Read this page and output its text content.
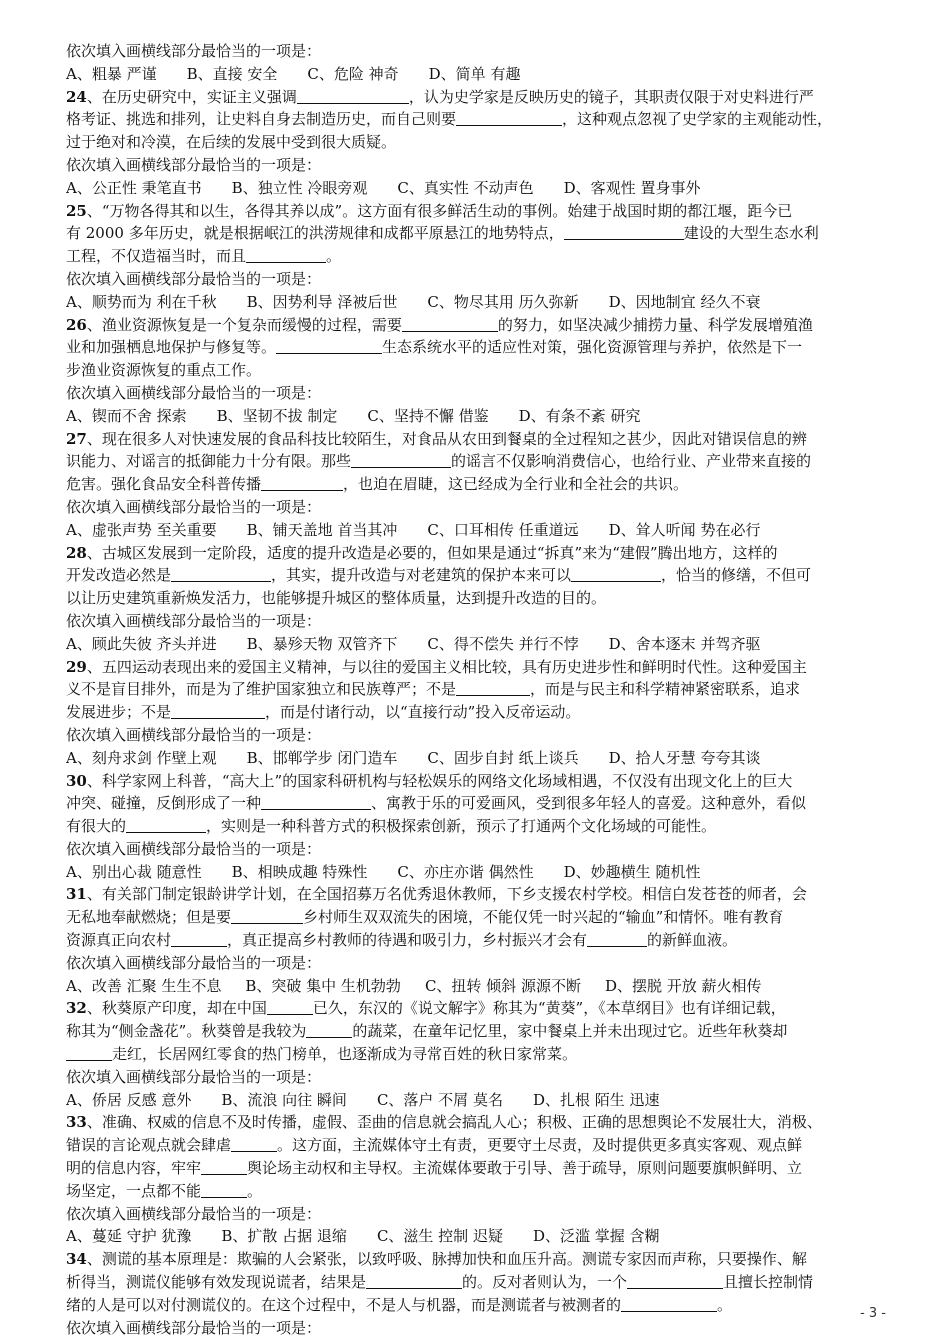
依次填入画横线部分最恰当的一项是：
A、粗暴 严谨 B、直接 安全 C、危险 神奇 D、简单 有趣
24、在历史研究中，实证主义强调	，认为史学家是反映历史的镜子，其职责仅限于对史料进行严
格考证、挑选和排列，让史料自身去制造历史，而自己则要	，这种观点忽视了史学家的主观能动性，
过于绝对和冷漠，在后续的发展中受到很大质疑。
依次填入画横线部分最恰当的一项是：
A、公正性 秉笔直书 B、独立性 冷眼旁观 C、真实性 不动声色 D、客观性 置身事外
25、“万物各得其和以生，各得其养以成”。这方面有很多鲜活生动的事例。始建于战国时期的都江堰，距今已
有 2000 多年历史，就是根据岷江的洪涝规律和成都平原悬江的地势特点，	建设的大型生态水利
工程，不仅造福当时，而且	。
依次填入画横线部分最恰当的一项是：
A、顺势而为 利在千秋 B、因势利导 泽被后世 C、物尽其用 历久弥新 D、因地制宜 经久不衰
26、渔业资源恢复是一个复杂而缓慢的过程，需要	的努力，如坚决减少捕捞力量、科学发展增殖渔
业和加强栖息地保护与修复等。	生态系统水平的适应性对策，强化资源管理与养护，依然是下一
步渔业资源恢复的重点工作。
依次填入画横线部分最恰当的一项是：
A、锲而不舍 探索 B、坚韧不拔 制定 C、坚持不懈 借鉴 D、有条不紊 研究
27、现在很多人对快速发展的食品科技比较陌生，对食品从农田到餐桌的全过程知之甚少，因此对错误信息的辨
识能力、对谣言的抵御能力十分有限。那些	的谣言不仅影响消费信心，也给行业、产业带来直接的
危害。强化食品安全科普传播	，也迫在眉睫，这已经成为全行业和全社会的共识。
依次填入画横线部分最恰当的一项是：
A、虚张声势 至关重要 B、铺天盖地 首当其冲 C、口耳相传 任重道远 D、耸人听闻 势在必行
28、古城区发展到一定阶段，适度的提升改造是必要的，但如果是通过“拆真”来为“建假”腾出地方，这样的
开发改造必然是	，其实，提升改造与对老建筑的保护本来可以	，恰当的修缮，不但可
以让历史建筑重新焕发活力，也能够提升城区的整体质量，达到提升改造的目的。
依次填入画横线部分最恰当的一项是：
A、顾此失彼 齐头并进 B、暴殄天物 双管齐下 C、得不偿失 并行不悖 D、舍本逐末 并驾齐驱
29、五四运动表现出来的爱国主义精神，与以往的爱国主义相比较，具有历史进步性和鲜明时代性。这种爱国主
义不是盲目排外，而是为了维护国家独立和民族尊严；不是	，而是与民主和科学精神紧密联系，追求
发展进步；不是	，而是付诸行动，以“直接行动”投入反帝运动。
依次填入画横线部分最恰当的一项是：
A、刻舟求剑 作壁上观 B、邯郸学步 闭门造车 C、固步自封 纸上谈兵 D、拾人牙慧 夸夸其谈
30、科学家网上科普，“高大上”的国家科研机构与轻松娱乐的网络文化场域相遇，不仅没有出现文化上的巨大
冲突、碰撞，反倒形成了一种	、寓教于乐的可爱画风，受到很多年轻人的喜爱。这种意外，看似
有很大的	，实则是一种科普方式的积极探索创新，预示了打通两个文化场域的可能性。
依次填入画横线部分最恰当的一项是：
A、别出心裁 随意性 B、相映成趣 特殊性 C、亦庄亦谐 偶然性 D、妙趣横生 随机性
31、有关部门制定银龄讲学计划，在全国招募万名优秀退休教师，下乡支援农村学校。相信白发苍苍的师者，会
无私地奉献燃烧；但是要	乡村师生双双流失的困境，不能仅凭一时兴起的“输血”和情怀。唯有教育
资源真正向农村	，真正提高乡村教师的待遇和吸引力，乡村振兴才会有	的新鲜血液。
依次填入画横线部分最恰当的一项是：
A、改善 汇聚 生生不息 B、突破 集中 生机勃勃 C、扭转 倾斜 源源不断 D、摆脱 开放 薪火相传
32、秋葵原产印度，却在中国	已久，东汉的《说文解字》称其为“黄葵”，《本草纲目》也有详细记载，
称其为“侧金盏花”。秋葵曾是我较为	的蔬菜，在童年记忆里，家中餐桌上并未出现过它。近些年秋葵却
走红，长居网红零食的热门榜单，也逐渐成为寻常百姓的秋日家常菜。
依次填入画横线部分最恰当的一项是：
A、侨居 反感 意外 B、流浪 向往 瞬间 C、落户 不屑 莫名 D、扎根 陌生 迅速
33、准确、权威的信息不及时传播，虚假、歪曲的信息就会搞乱人心；积极、正确的思想舆论不发展壮大，消极、
错误的言论观点就会肆虐	。这方面，主流媒体守土有责，更要守土尽责，及时提供更多真实客观、观点鲜
明的信息内容，牢牢	舆论场主动权和主导权。主流媒体要敢于引导、善于疏导，原则问题要旗帜鲜明、立
场坚定，一点都不能	。
依次填入画横线部分最恰当的一项是：
A、蔓延 守护 犹豫 B、扩散 占据 退缩 C、滋生 控制 迟疑 D、泛滥 掌握 含糊
34、测谎的基本原理是：欺骗的人会紧张，以致呼吸、脉搏加快和血压升高。测谎专家因而声称，只要操作、解
析得当，测谎仪能够有效发现说谎者，结果是	的。反对者则认为，一个	且擅长控制情
绪的人是可以对付测谎仪的。在这个过程中，不是人与机器，而是测谎者与被测者的	。
依次填入画横线部分最恰当的一项是：
- 3 -
